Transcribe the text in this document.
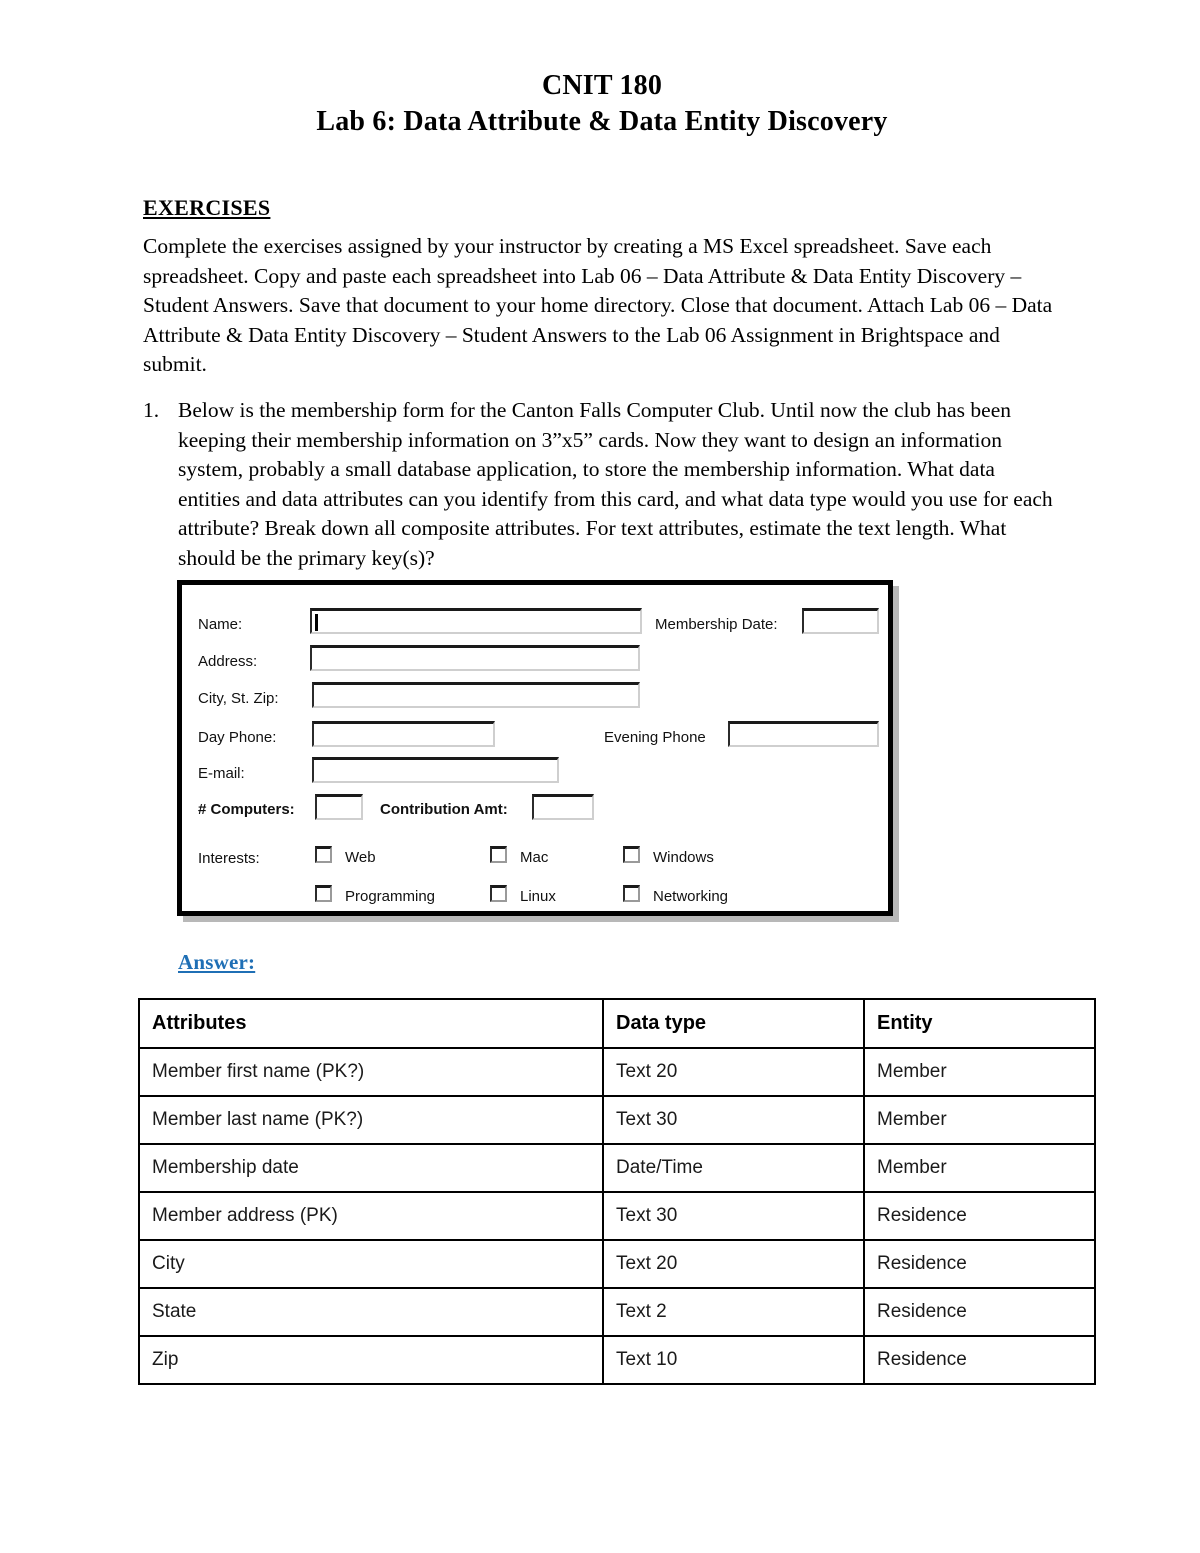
CNIT 180
Lab 6: Data Attribute & Data Entity Discovery
EXERCISES
Complete the exercises assigned by your instructor by creating a MS Excel spreadsheet. Save each spreadsheet. Copy and paste each spreadsheet into Lab 06 – Data Attribute & Data Entity Discovery – Student Answers. Save that document to your home directory. Close that document. Attach Lab 06 – Data Attribute & Data Entity Discovery – Student Answers to the Lab 06 Assignment in Brightspace and submit.
1. Below is the membership form for the Canton Falls Computer Club. Until now the club has been keeping their membership information on 3”x5” cards. Now they want to design an information system, probably a small database application, to store the membership information. What data entities and data attributes can you identify from this card, and what data type would you use for each attribute? Break down all composite attributes. For text attributes, estimate the text length. What should be the primary key(s)?
Name:	Membership Date:
Address:
City, St. Zip:
Day Phone:	Evening Phone
E-mail:
# Computers:	Contribution Amt:
Interests:	Web	Mac	Windows
Programming	Linux	Networking
Answer:
Attributes	Data type	Entity
Member first name (PK?)	Text 20	Member
Member last name (PK?)	Text 30	Member
Membership date	Date/Time	Member
Member address (PK)	Text 30	Residence
City	Text 20	Residence
State	Text 2	Residence
Zip	Text 10	Residence
